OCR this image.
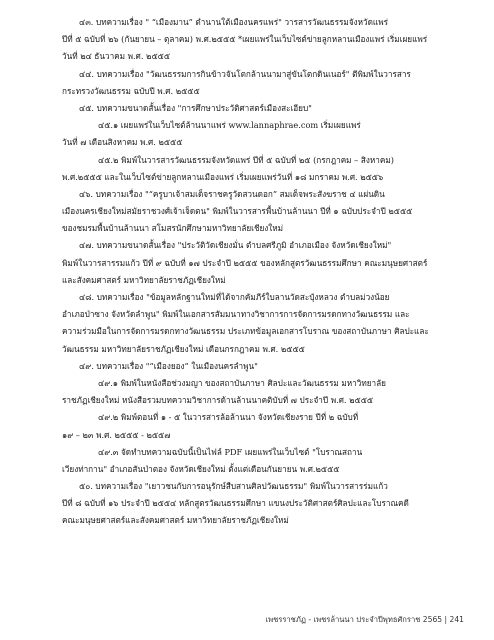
๔๓. บทความเรื่อง " “เมืองมาน” ตำนานใต้เมืองนครแพร่" วารสารวัฒนธรรมจังหวัดแพร่
ปีที่ ๕ ฉบับที่ ๒๖ (กันยายน – ตุลาคม) พ.ศ.๒๕๕๕ *เผยแพร่ในเว็บไซต์ข่ายลูกหลานเมืองแพร่ เริ่มเผยแพร่
วันที่ ๒๔ ธันวาคม พ.ศ. ๒๕๕๕
๔๔. บทความเรื่อง "วัฒนธรรมการกินข้าวจันโตกล้านนามาสู่ขันโตกดินเนอร์" ตีพิมพ์ในวารสาร
กระทรวงวัฒนธรรม ฉบับปี พ.ศ. ๒๕๕๕
๔๕. บทความขนาดสั้นเรื่อง "การศึกษาประวัติศาสตร์เมืองสะเอียบ"
๔๕.๑ เผยแพร่ในเว็บไซต์ล้านนาแพร่ www.lannaphrae.com เริ่มเผยแพร่
วันที่ ๗ เดือนสิงหาคม พ.ศ. ๒๕๕๕
๔๕.๒ พิมพ์ในวารสารวัฒนธรรมจังหวัดแพร่ ปีที่ ๕ ฉบับที่ ๒๕ (กรกฎาคม – สิงหาคม)
พ.ศ.๒๕๕๕ และในเว็บไซต์ข่ายลูกหลานเมืองแพร่ เริ่มเผยแพร่วันที่ ๑๘ มกราคม พ.ศ. ๒๕๕๖
๔๖. บทความเรื่อง "“ครูบาเจ้าสมเด็จราชครูวัดสวนดอก” สมเด็จพระสังฆราช ๔ แผ่นดิน
เมืองนครเชียงใหม่สมัยราชวงศ์เจ้าเจ็ดตน" พิมพ์ในวารสารพื้นบ้านล้านนา ปีที่ ๑ ฉบับประจำปี ๒๕๕๕
ของชมรมพื้นบ้านล้านนา สโมสรนักศึกษามหาวิทยาลัยเชียงใหม่
๔๗. บทความขนาดสั้นเรื่อง "ประวัติวัดเชียงมั่น ตำบลศรีภูมิ อำเภอเมือง จังหวัดเชียงใหม่"
พิมพ์ในวารสารรมแก้ว ปีที่ ๙ ฉบับที่ ๑๗ ประจำปี ๒๕๕๕ ของหลักสูตรวัฒนธรรมศึกษา คณะมนุษยศาสตร์
และสังคมศาสตร์ มหาวิทยาลัยราชภัฏเชียงใหม่
๔๘. บทความเรื่อง "ข้อมูลหลักฐานใหม่ที่ได้จากคัมภีร์ใบลานวัดสะปุ๋งหลวง ตำบลม่วงน้อย
อำเภอป่าซาง จังหวัดลำพูน" พิมพ์ในเอกสารสัมมนาทางวิชาการการจัดการมรดกทางวัฒนธรรม และ
ความร่วมมือในการจัดการมรดกทางวัฒนธรรม ประเภทข้อมูลเอกสารโบราณ ของสถาบันภาษา ศิลปะและ
วัฒนธรรม มหาวิทยาลัยราชภัฏเชียงใหม่ เดือนกรกฎาคม พ.ศ. ๒๕๕๕
๔๙. บทความเรื่อง "“เมืองยอง” ในเมืองนครลำพูน"
๔๙.๑ พิมพ์ในหนังสือช่วงมญา ของสถาบันภาษา ศิลปะและวัฒนธรรม มหาวิทยาลัย
ราชภัฏเชียงใหม่ หนังสือรวมบทความวิชาการด้านล้านนาคติบับที่ ๗ ประจำปี พ.ศ. ๒๕๕๕
๔๙.๒ พิมพ์ตอนที่ ๑ - ๕ ในวารสารล้อล้านนา จังหวัดเชียงราย ปีที่ ๒ ฉบับที่
๑๙ – ๒๓ พ.ศ. ๒๕๕๕ - ๒๕๕๗
๔๙.๓ จัดทำบทความฉบับนี้เป็นไฟล์ PDF เผยแพร่ในเว็บไซต์ "โบราณสถาน
เวียงท่ากาน" อำเภอสันป่าตอง จังหวัดเชียงใหม่ ตั้งแต่เดือนกันยายน พ.ศ.๒๕๕๕
๕๐. บทความเรื่อง "เยาวชนกับการอนุรักษ์สืบสานศิลปวัฒนธรรม" พิมพ์ในวารสารร่มแก้ว
ปีที่ ๘ ฉบับที่ ๑๖ ประจำปี ๒๕๕๔ หลักสูตรวัฒนธรรมศึกษา แขนงประวัติศาสตร์ศิลปะและโบราณคดี
คณะมนุษยศาสตร์และสังคมศาสตร์ มหาวิทยาลัยราชภัฏเชียงใหม่
เพชรราชภัฏ - เพชรล้านนา ประจำปีพุทธศักราช 2565 | 241
